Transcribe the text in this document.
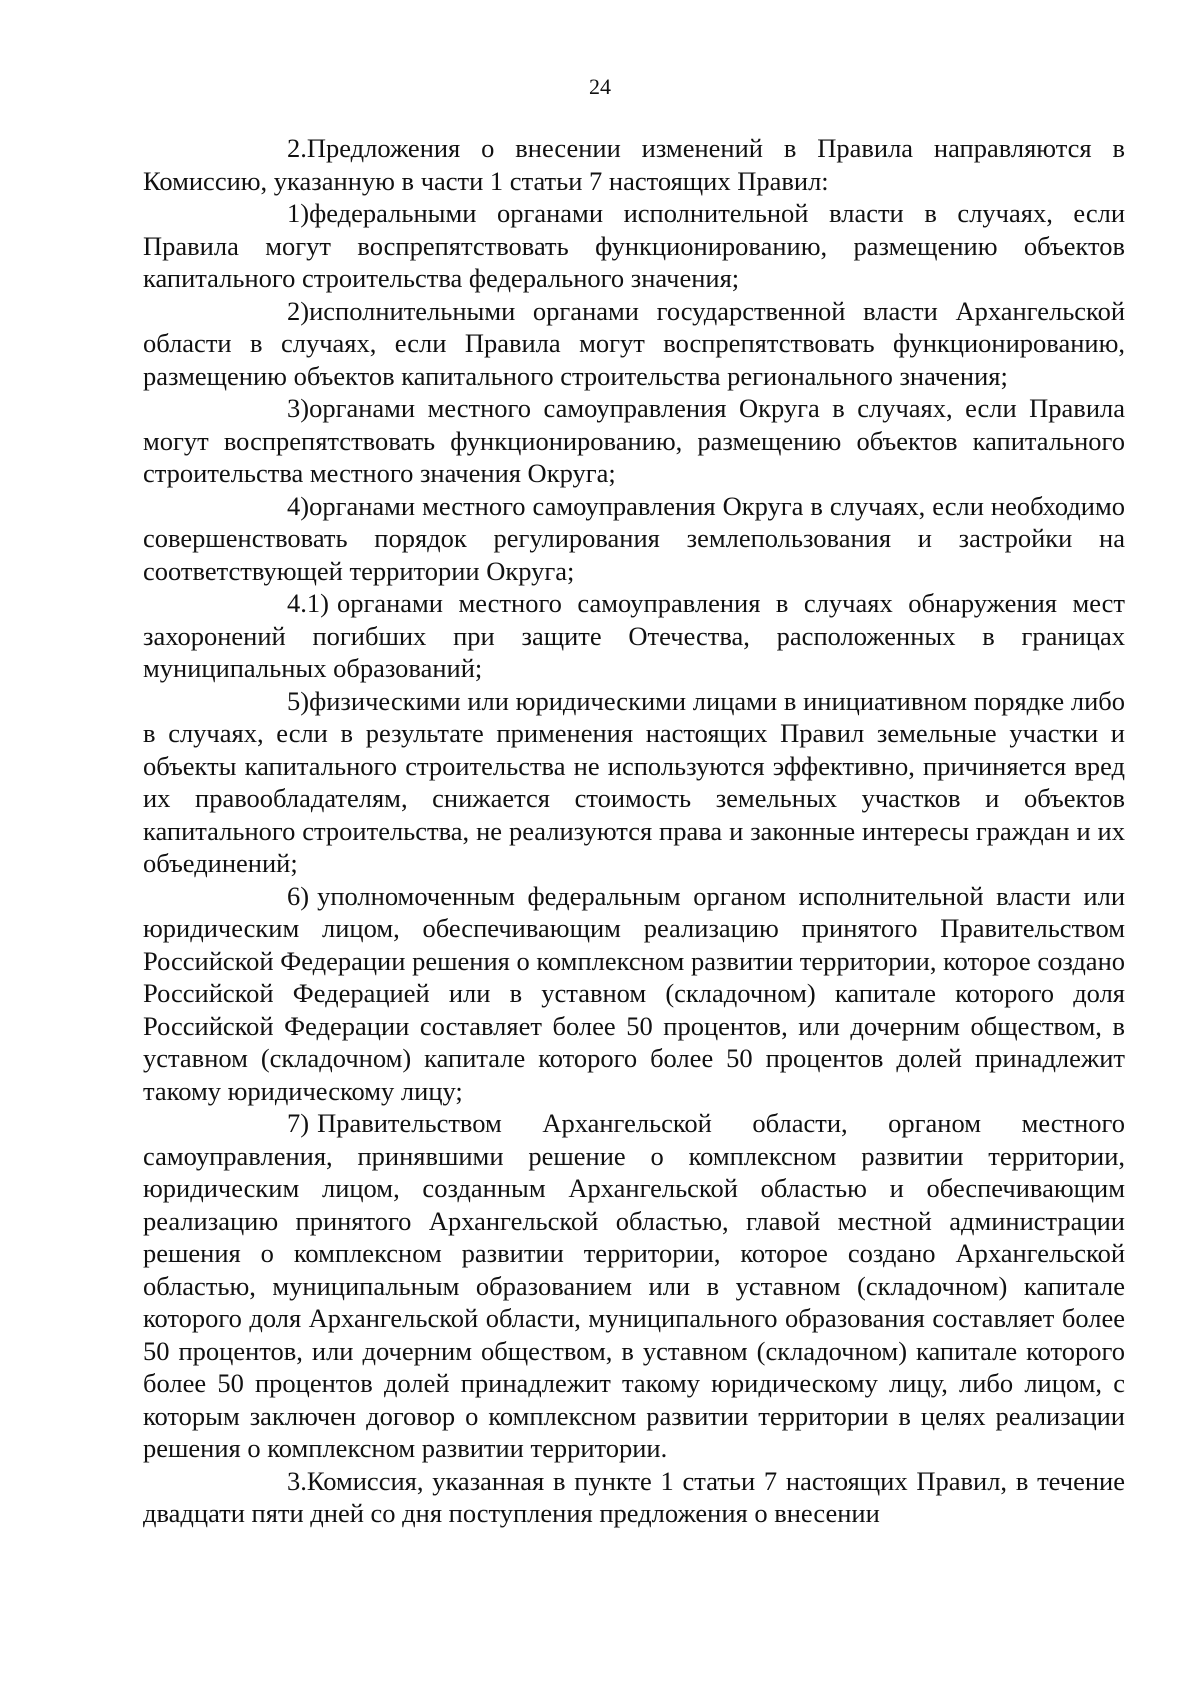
24

2.Предложения о внесении изменений в Правила направляются в Комиссию, указанную в части 1 статьи 7 настоящих Правил:

1)федеральными органами исполнительной власти в случаях, если Правила могут воспрепятствовать функционированию, размещению объектов капитального строительства федерального значения;

2)исполнительными органами государственной власти Архангельской области в случаях, если Правила могут воспрепятствовать функционированию, размещению объектов капитального строительства регионального значения;

3)органами местного самоуправления Округа в случаях, если Правила могут воспрепятствовать функционированию, размещению объектов капитального строительства местного значения Округа;

4)органами местного самоуправления Округа в случаях, если необходимо совершенствовать порядок регулирования землепользования и застройки на соответствующей территории Округа;

4.1) органами местного самоуправления в случаях обнаружения мест захоронений погибших при защите Отечества, расположенных в границах муниципальных образований;

5)физическими или юридическими лицами в инициативном порядке либо в случаях, если в результате применения настоящих Правил земельные участки и объекты капитального строительства не используются эффективно, причиняется вред их правообладателям, снижается стоимость земельных участков и объектов капитального строительства, не реализуются права и законные интересы граждан и их объединений;

6) уполномоченным федеральным органом исполнительной власти или юридическим лицом, обеспечивающим реализацию принятого Правительством Российской Федерации решения о комплексном развитии территории, которое создано Российской Федерацией или в уставном (складочном) капитале которого доля Российской Федерации составляет более 50 процентов, или дочерним обществом, в уставном (складочном) капитале которого более 50 процентов долей принадлежит такому юридическому лицу;

7) Правительством Архангельской области, органом местного самоуправления, принявшими решение о комплексном развитии территории, юридическим лицом, созданным Архангельской областью и обеспечивающим реализацию принятого Архангельской областью, главой местной администрации решения о комплексном развитии территории, которое создано Архангельской областью, муниципальным образованием или в уставном (складочном) капитале которого доля Архангельской области, муниципального образования составляет более 50 процентов, или дочерним обществом, в уставном (складочном) капитале которого более 50 процентов долей принадлежит такому юридическому лицу, либо лицом, с которым заключен договор о комплексном развитии территории в целях реализации решения о комплексном развитии территории.

3.Комиссия, указанная в пункте 1 статьи 7 настоящих Правил, в течение двадцати пяти дней со дня поступления предложения о внесении
